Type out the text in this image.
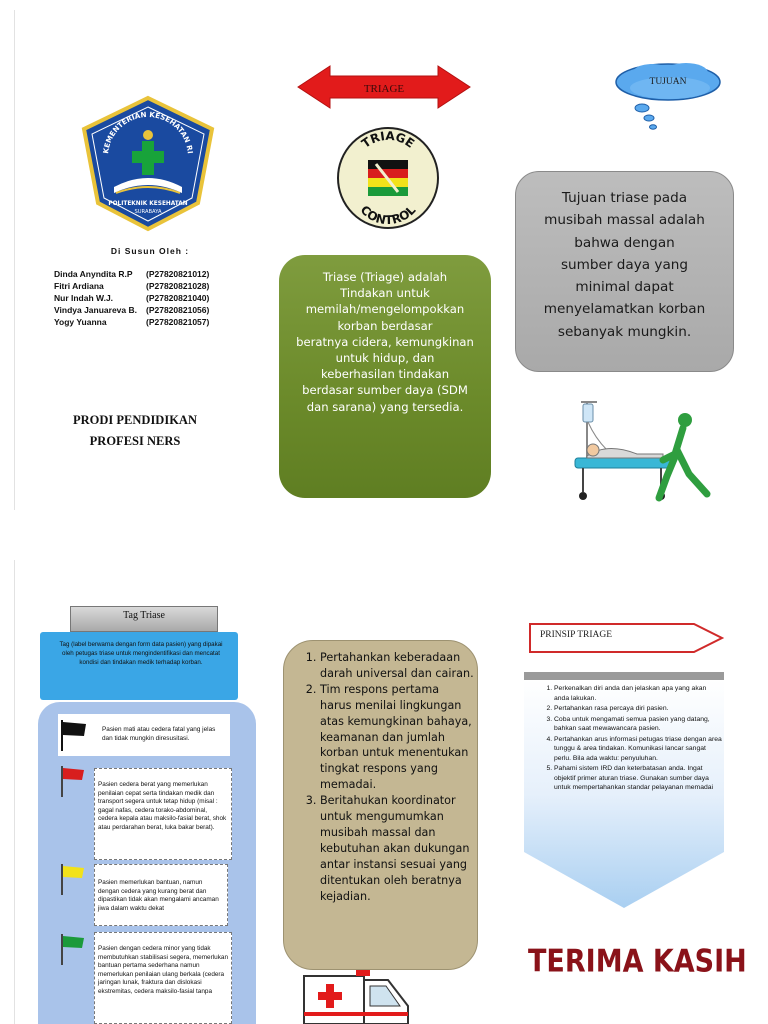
KEMENTERIAN KESEHATAN RI
POLITEKNIK KESEHATAN
SURABAYA
Di Susun Oleh :
Dinda Anyndita R.P	(P27820821012)
Fitri Ardiana	(P27820821028)
Nur Indah W.J.	(P27820821040)
Vindya Januareva B.	(P27820821056)
Yogy Yuanna	(P27820821057)
PRODI PENDIDIKAN
PROFESI NERS
TRIAGE
TRIAGE
CONTROL
Triase (Triage) adalah
Tindakan untuk
memilah/mengelompokkan
korban berdasar
beratnya cidera, kemungkinan
untuk hidup, dan
keberhasilan tindakan
berdasar sumber daya (SDM
dan sarana) yang tersedia.
TUJUAN
Tujuan triase pada
musibah massal adalah
bahwa dengan
sumber daya yang
minimal dapat
menyelamatkan korban
sebanyak mungkin.
Tag Triase
Tag (label berwarna dengan form data pasien) yang dipakai oleh petugas triase untuk mengindentifikasi dan mencatat kondisi dan tindakan medik terhadap korban.
Pasien mati atau cedera fatal yang jelas dan tidak mungkin diresusitasi.
Pasien cedera berat yang memerlukan penilaian cepat serta tindakan medik dan transport segera untuk tetap hidup (misal : gagal nafas, cedera torako-abdominal, cedera kepala atau maksilo-fasial berat, shok atau perdarahan berat, luka bakar berat).
Pasien memerlukan bantuan, namun dengan cedera yang kurang berat dan dipastikan tidak akan mengalami ancaman jiwa dalam waktu dekat
Pasien dengan cedera minor yang tidak membutuhkan stabilisasi segera, memerlukan bantuan pertama sederhana namun memerlukan penilaian ulang berkala (cedera jaringan lunak, fraktura dan dislokasi ekstremitas, cedera maksilo-fasial tanpa
1. Pertahankan keberadaan darah universal dan cairan.
2. Tim respons pertama harus menilai lingkungan atas kemungkinan bahaya, keamanan dan jumlah korban untuk menentukan tingkat respons yang memadai.
3. Beritahukan koordinator untuk mengumumkan musibah massal dan kebutuhan akan dukungan antar instansi sesuai yang ditentukan oleh beratnya kejadian.
PRINSIP TRIAGE
1. Perkenalkan diri anda dan jelaskan apa yang akan anda lakukan.
2. Pertahankan rasa percaya diri pasien.
3. Coba untuk mengamati semua pasien yang datang, bahkan saat mewawancara pasien.
4. Pertahankan arus informasi petugas triase dengan area tunggu & area tindakan. Komunikasi lancar sangat perlu. Bila ada waktu: penyuluhan.
5. Pahami sistem IRD dan keterbatasan anda. Ingat objektif primer aturan triase. Gunakan sumber daya untuk mempertahankan standar pelayanan memadai
TERIMA KASIH
